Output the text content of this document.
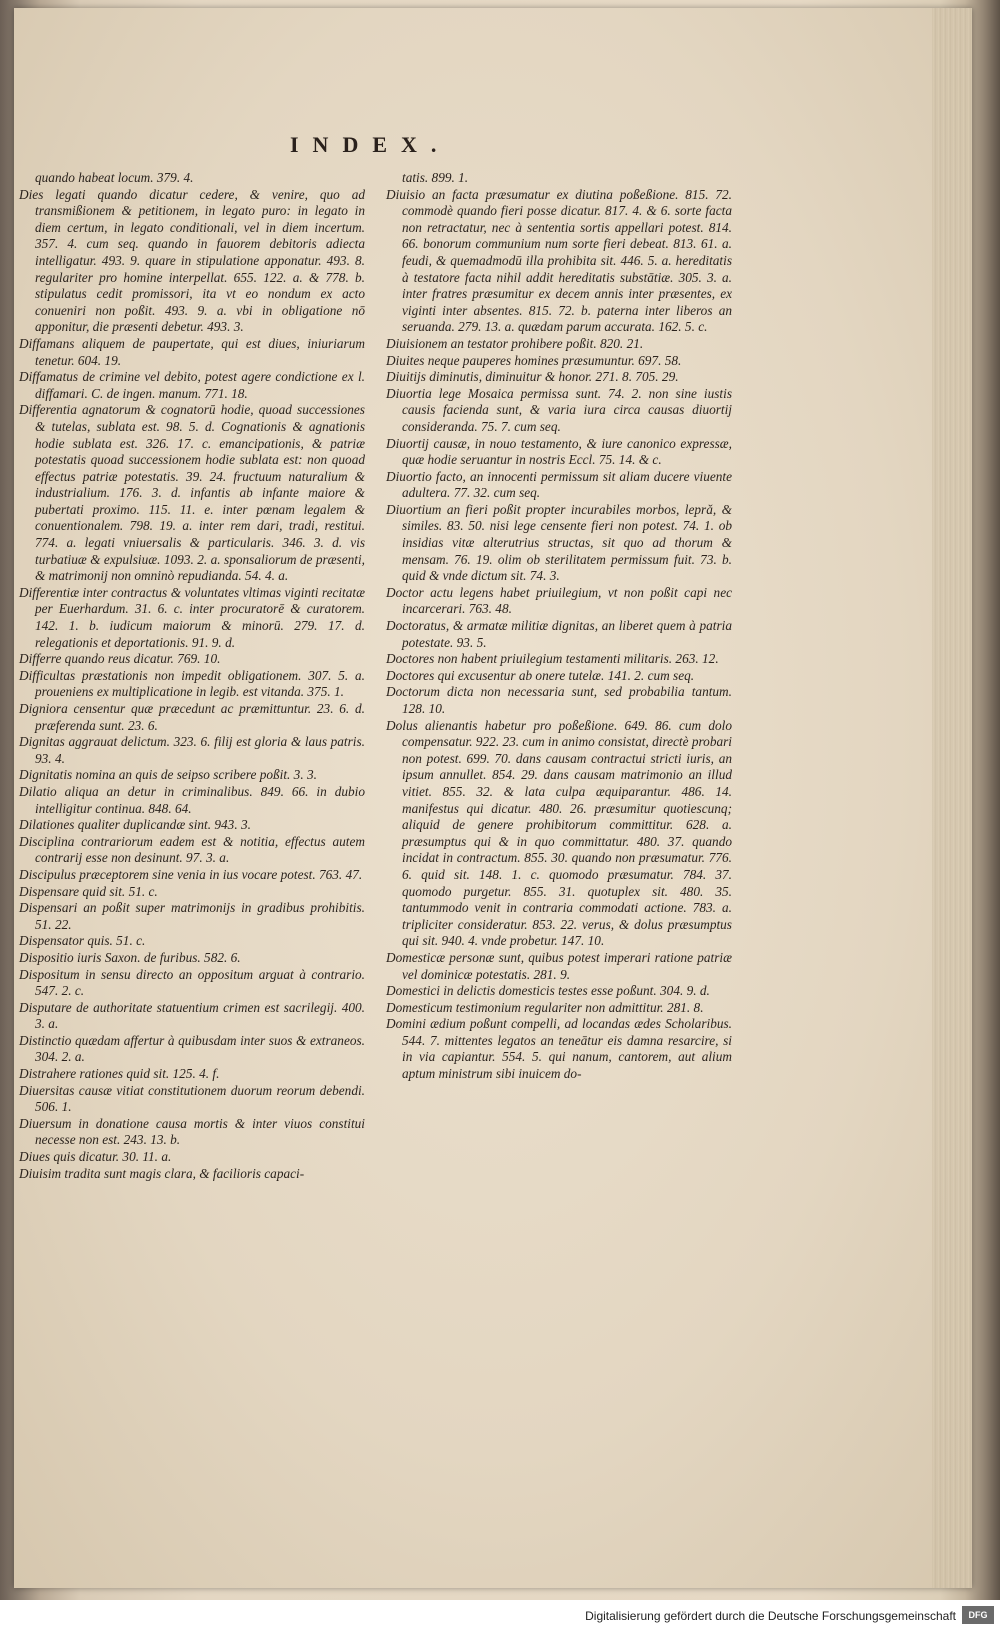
INDEX.

quando habeat locum. 379. 4.

Dies legati quando dicatur cedere, & venire, quo ad transmißionem & petitionem, in legato puro: in legato in diem certum, in legato conditionali, vel in diem incertum. 357. 4. cum seq. quando in fauorem debitoris adiecta intelligatur. 493. 9. quare in stipulatione apponatur. 493. 8. regulariter pro homine interpellat. 655. 122. a. & 778. b. stipulatus cedit promissori, ita vt eo nondum ex acto conueniri non poßit. 493. 9. a. vbi in obligatione nō apponitur, die præsenti debetur. 493. 3.

Diffamans aliquem de paupertate, qui est diues, iniuriarum tenetur. 604. 19.

Diffamatus de crimine vel debito, potest agere condictione ex l. diffamari. C. de ingen. manum. 771. 18.

Differentia agnatorum & cognatorū hodie, quoad successiones & tutelas, sublata est. 98. 5. d. Cognationis & agnationis hodie sublata est. 326. 17. c. emancipationis, & patriæ potestatis quoad successionem hodie sublata est: non quoad effectus patriæ potestatis. 39. 24. fructuum naturalium & industrialium. 176. 3. d. infantis ab infante maiore & pubertati proximo. 115. 11. e. inter pœnam legalem & conuentionalem. 798. 19. a. inter rem dari, tradi, restitui. 774. a. legati vniuersalis & particularis. 346. 3. d. vis turbatiuæ & expulsiuæ. 1093. 2. a. sponsaliorum de præsenti, & matrimonij non omninò repudianda. 54. 4. a.

Differentiæ inter contractus & voluntates vltimas viginti recitatæ per Euerhardum. 31. 6. c. inter procuratorē & curatorem. 142. 1. b. iudicum maiorum & minorū. 279. 17. d. relegationis et deportationis. 91. 9. d.

Differre quando reus dicatur. 769. 10.

Difficultas præstationis non impedit obligationem. 307. 5. a. proueniens ex multiplicatione in legib. est vitanda. 375. 1.

Digniora censentur quæ præcedunt ac præmittuntur. 23. 6. d. præferenda sunt. 23. 6.

Dignitas aggrauat delictum. 323. 6. filij est gloria & laus patris. 93. 4.

Dignitatis nomina an quis de seipso scribere poßit. 3. 3.

Dilatio aliqua an detur in criminalibus. 849. 66. in dubio intelligitur continua. 848. 64.

Dilationes qualiter duplicandæ sint. 943. 3.

Disciplina contrariorum eadem est & notitia, effectus autem contrarij esse non desinunt. 97. 3. a.

Discipulus præceptorem sine venia in ius vocare potest. 763. 47.

Dispensare quid sit. 51. c.

Dispensari an poßit super matrimonijs in gradibus prohibitis. 51. 22.

Dispensator quis. 51. c.

Dispositio iuris Saxon. de furibus. 582. 6.

Dispositum in sensu directo an oppositum arguat à contrario. 547. 2. c.

Disputare de authoritate statuentium crimen est sacrilegij. 400. 3. a.

Distinctio quædam affertur à quibusdam inter suos & extraneos. 304. 2. a.

Distrahere rationes quid sit. 125. 4. f.

Diuersitas causæ vitiat constitutionem duorum reorum debendi. 506. 1.

Diuersum in donatione causa mortis & inter viuos constitui necesse non est. 243. 13. b.

Diues quis dicatur. 30. 11. a.

Diuisim tradita sunt magis clara, & facilioris capaci-

tatis. 899. 1.

Diuisio an facta præsumatur ex diutina poßeßione. 815. 72. commodè quando fieri posse dicatur. 817. 4. & 6. sorte facta non retractatur, nec à sententia sortis appellari potest. 814. 66. bonorum communium num sorte fieri debeat. 813. 61. a. feudi, & quemadmodū illa prohibita sit. 446. 5. a. hereditatis à testatore facta nihil addit hereditatis substātiæ. 305. 3. a. inter fratres præsumitur ex decem annis inter præsentes, ex viginti inter absentes. 815. 72. b. paterna inter liberos an seruanda. 279. 13. a. quædam parum accurata. 162. 5. c.

Diuisionem an testator prohibere poßit. 820. 21.

Diuites neque pauperes homines præsumuntur. 697. 58.

Diuitijs diminutis, diminuitur & honor. 271. 8. 705. 29.

Diuortia lege Mosaica permissa sunt. 74. 2. non sine iustis causis facienda sunt, & varia iura circa causas diuortij consideranda. 75. 7. cum seq.

Diuortij causæ, in nouo testamento, & iure canonico expressæ, quæ hodie seruantur in nostris Eccl. 75. 14. & c.

Diuortio facto, an innocenti permissum sit aliam ducere viuente adultera. 77. 32. cum seq.

Diuortium an fieri poßit propter incurabiles morbos, lepră, & similes. 83. 50. nisi lege censente fieri non potest. 74. 1. ob insidias vitæ alterutrius structas, sit quo ad thorum & mensam. 76. 19. olim ob sterilitatem permissum fuit. 73. b. quid & vnde dictum sit. 74. 3.

Doctor actu legens habet priuilegium, vt non poßit capi nec incarcerari. 763. 48.

Doctoratus, & armatæ militiæ dignitas, an liberet quem à patria potestate. 93. 5.

Doctores non habent priuilegium testamenti militaris. 263. 12.

Doctores qui excusentur ab onere tutelæ. 141. 2. cum seq.

Doctorum dicta non necessaria sunt, sed probabilia tantum. 128. 10.

Dolus alienantis habetur pro poßeßione. 649. 86. cum dolo compensatur. 922. 23. cum in animo consistat, directè probari non potest. 699. 70. dans causam contractui stricti iuris, an ipsum annullet. 854. 29. dans causam matrimonio an illud vitiet. 855. 32. & lata culpa æquiparantur. 486. 14. manifestus qui dicatur. 480. 26. præsumitur quotiescunq; aliquid de genere prohibitorum committitur. 628. a. præsumptus qui & in quo committatur. 480. 37. quando incidat in contractum. 855. 30. quando non præsumatur. 776. 6. quid sit. 148. 1. c. quomodo præsumatur. 784. 37. quomodo purgetur. 855. 31. quotuplex sit. 480. 35. tantummodo venit in contraria commodati actione. 783. a. tripliciter consideratur. 853. 22. verus, & dolus præsumptus qui sit. 940. 4. vnde probetur. 147. 10.

Domesticæ personæ sunt, quibus potest imperari ratione patriæ vel dominicæ potestatis. 281. 9.

Domestici in delictis domesticis testes esse poßunt. 304. 9. d.

Domesticum testimonium regulariter non admittitur. 281. 8.

Domini ædium poßunt compelli, ad locandas ædes Scholaribus. 544. 7. mittentes legatos an teneātur eis damna resarcire, si in via capiantur. 554. 5. qui nanum, cantorem, aut alium aptum ministrum sibi inuicem do-

Digitalisierung gefördert durch die Deutsche Forschungsgemeinschaft	DFG
